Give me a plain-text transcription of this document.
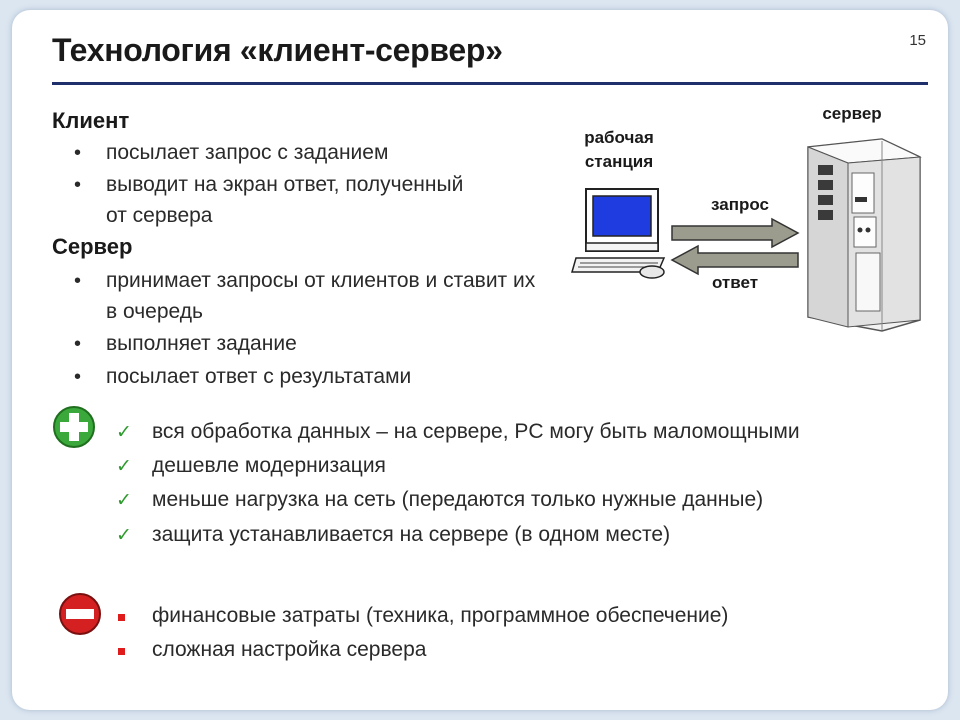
Технология «клиент-сервер»	15
Клиент
• посылает запрос с заданием
• выводит на экран ответ, полученный
от сервера
Сервер
• принимает запросы от клиентов и ставит их
в очередь
• выполняет задание
• посылает ответ с результатами
рабочая
станция
сервер
запрос
ответ
✓ вся обработка данных – на сервере, PC могу быть маломощными
✓ дешевле модернизация
✓ меньше нагрузка на сеть (передаются только нужные данные)
✓ защита устанавливается на сервере (в одном месте)
финансовые затраты (техника, программное обеспечение)
сложная настройка сервера
